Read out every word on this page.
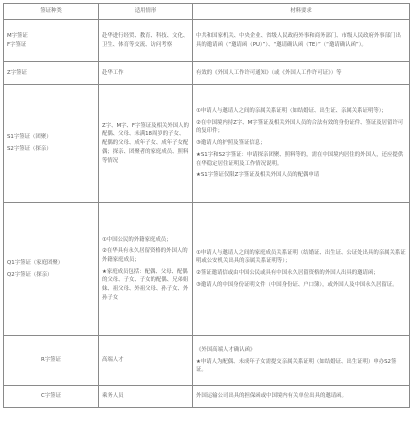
签证种类	适用情形	材料要求

M字签证
F字签证	赴华进行经贸、教育、科技、文化、卫生、体育等交流、访问考察	中共和国家机关、中央企业、省级人民政府外事和商务部门、市级人民政府外事部门出具的邀请函（“邀请函（PU）”）、“邀请确认函（TE）”（“邀请确认函”）。

Z字签证	赴华工作	有效的《外国人工作许可通知》（或《外国人工作许可证》）等

S1字签证（团聚）
S2字签证（探亲）	Z字、M字、F字签证及相关外国人的配偶、父母、未满18周岁的子女、配偶的父母、成年子女、成年子女配偶；探亲、团聚者的家庭成员、照料等情况	①申请人与邀请人之间的亲属关系证明（如结婚证、出生证、亲属关系证明等）；
②在中国境内持Z字、M字签证及相关外国人员的合法有效的身份证件、签证及居留许可的复印件；
③邀请人的护照及签证信息；
★S1字和S2字签证：申请探亲团聚、照料等的，需在中国境内居住的外国人，还应提供在华稳定居住证明及工作情况说明。
★S1字签证仅限Z字签证及相关外国人员的配偶申请

Q1字签证（家庭团聚）
Q2字签证（探亲）	①中国公民的外籍家庭成员；
②在华具有永久居留资格的外国人的外籍家庭成员；
★家庭成员包括：配偶、父母、配偶的父母、子女、子女的配偶、兄弟姐妹、祖父母、外祖父母、孙子女、外孙子女	①申请人与邀请人之间的家庭成员关系证明（结婚证、出生证、公证处出具的亲属关系证明或公安机关出具的亲属关系证明等）；
②签证邀请信或由中国公民或具有中国永久居留资格的外国人出具的邀请函；
③邀请人的中国身份证明文件（中国身份证、户口簿），或外国人及中国永久居留证。

R字签证	高端人才	《外国高端人才确认函》
★申请人为配偶、未成年子女需提交亲属关系证明（如结婚证、出生证明）申办S2签证。

C字签证	乘务人员	外国运输公司出具的担保函或中国境内有关单位出具的邀请函。
